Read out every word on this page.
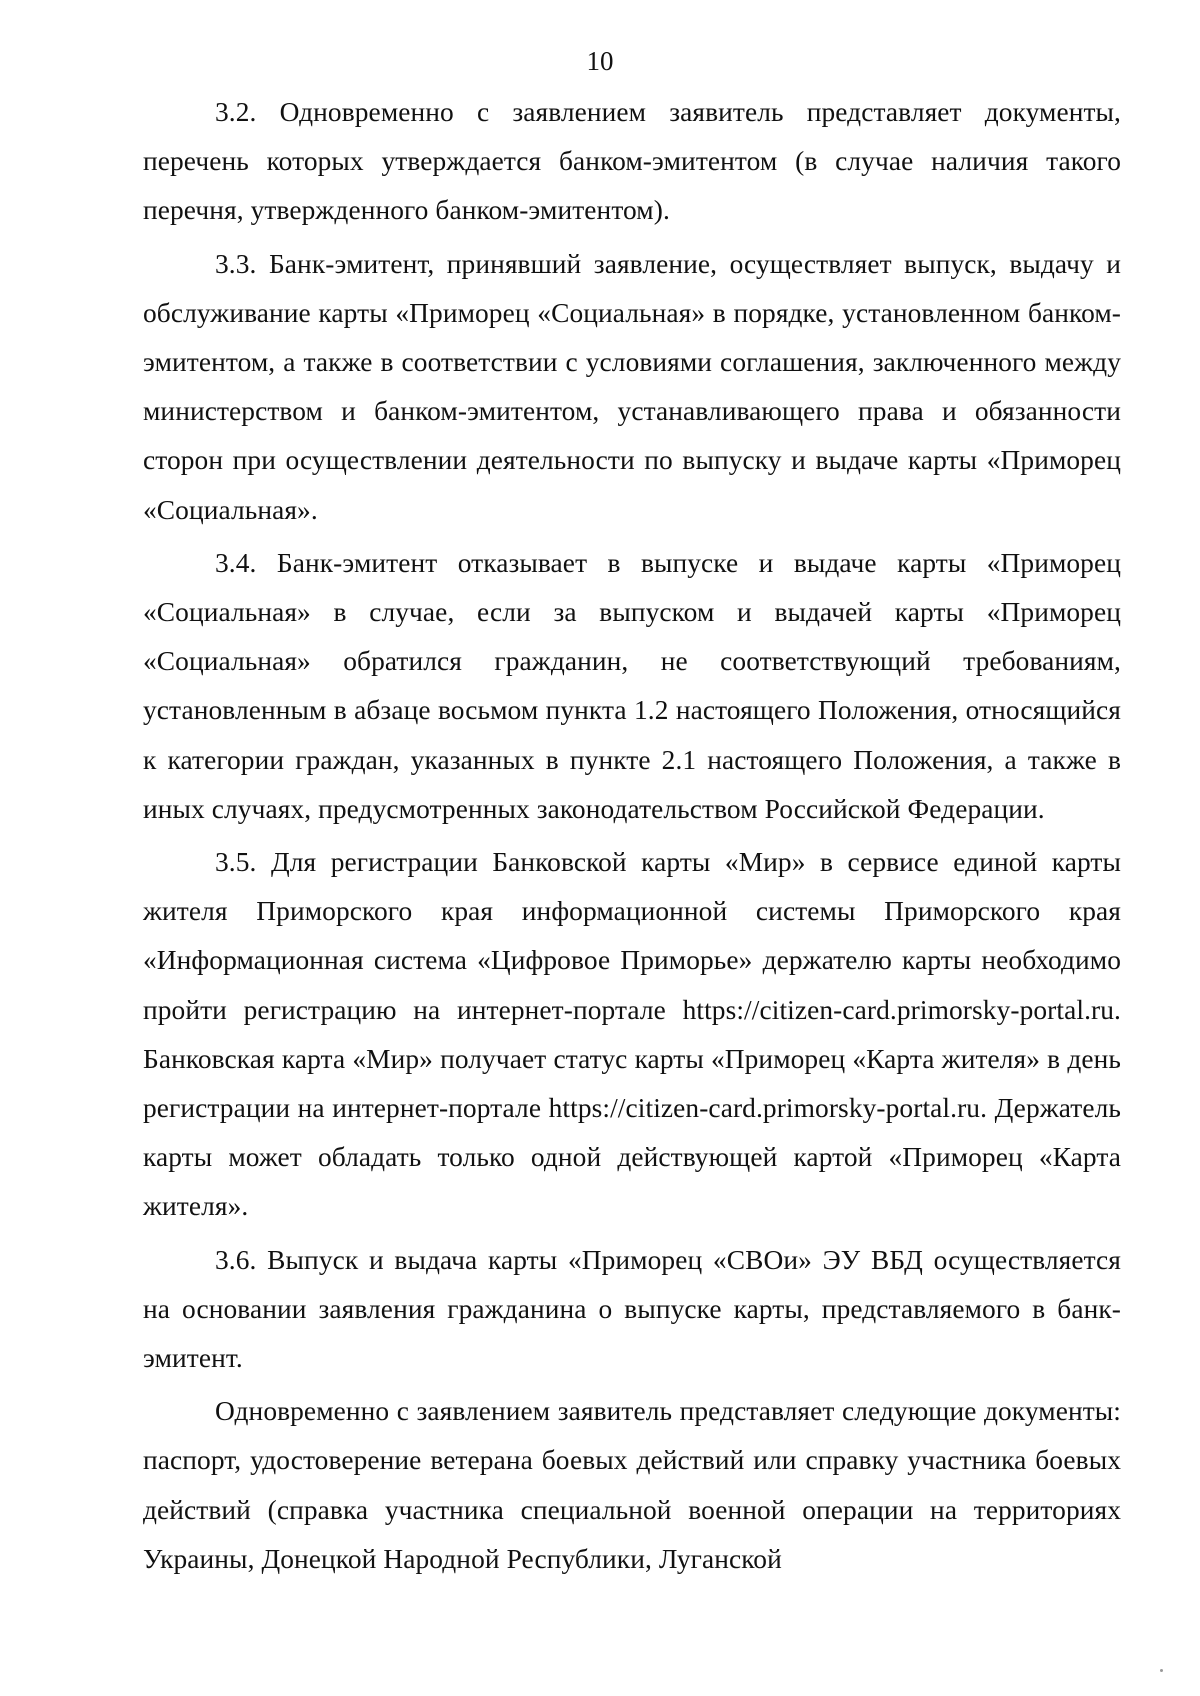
10

3.2. Одновременно с заявлением заявитель представляет документы, перечень которых утверждается банком-эмитентом (в случае наличия такого перечня, утвержденного банком-эмитентом).

3.3. Банк-эмитент, принявший заявление, осуществляет выпуск, выдачу и обслуживание карты «Приморец «Социальная» в порядке, установленном банком-эмитентом, а также в соответствии с условиями соглашения, заключенного между министерством и банком-эмитентом, устанавливающего права и обязанности сторон при осуществлении деятельности по выпуску и выдаче карты «Приморец «Социальная».

3.4. Банк-эмитент отказывает в выпуске и выдаче карты «Приморец «Социальная» в случае, если за выпуском и выдачей карты «Приморец «Социальная» обратился гражданин, не соответствующий требованиям, установленным в абзаце восьмом пункта 1.2 настоящего Положения, относящийся к категории граждан, указанных в пункте 2.1 настоящего Положения, а также в иных случаях, предусмотренных законодательством Российской Федерации.

3.5. Для регистрации Банковской карты «Мир» в сервисе единой карты жителя Приморского края информационной системы Приморского края «Информационная система «Цифровое Приморье» держателю карты необходимо пройти регистрацию на интернет-портале https://citizen-card.primorsky-portal.ru. Банковская карта «Мир» получает статус карты «Приморец «Карта жителя» в день регистрации на интернет-портале https://citizen-card.primorsky-portal.ru. Держатель карты может обладать только одной действующей картой «Приморец «Карта жителя».

3.6. Выпуск и выдача карты «Приморец «СВОи» ЭУ ВБД осуществляется на основании заявления гражданина о выпуске карты, представляемого в банк-эмитент.

Одновременно с заявлением заявитель представляет следующие документы: паспорт, удостоверение ветерана боевых действий или справку участника боевых действий (справка участника специальной военной операции на территориях Украины, Донецкой Народной Республики, Луганской
